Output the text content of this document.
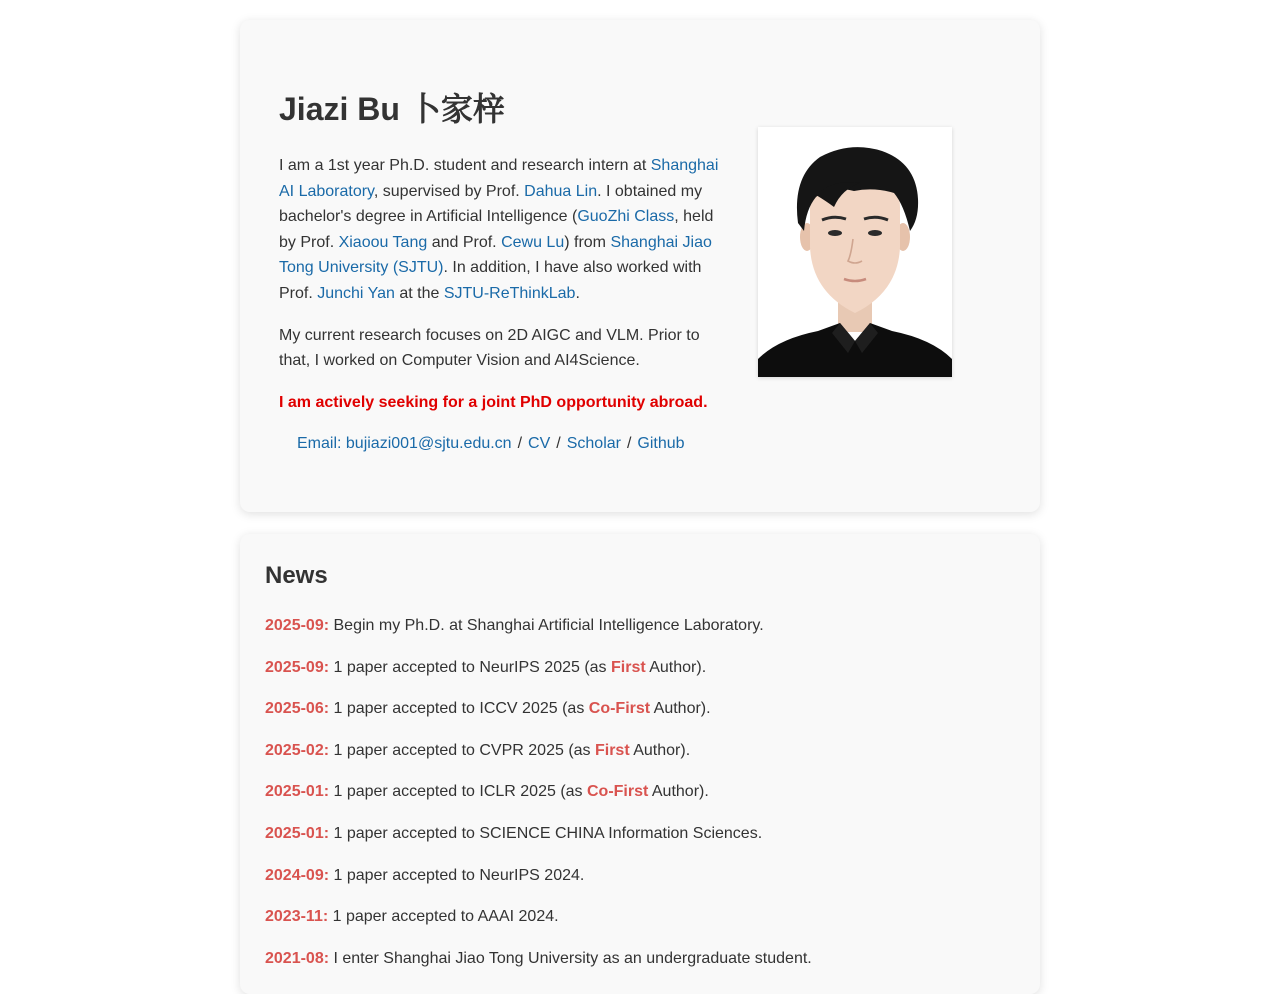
Jiazi Bu 卜家梓

I am a 1st year Ph.D. student and research intern at Shanghai AI Laboratory, supervised by Prof. Dahua Lin. I obtained my bachelor's degree in Artificial Intelligence (GuoZhi Class, held by Prof. Xiaoou Tang and Prof. Cewu Lu) from Shanghai Jiao Tong University (SJTU). In addition, I have also worked with Prof. Junchi Yan at the SJTU-ReThinkLab.

My current research focuses on 2D AIGC and VLM. Prior to that, I worked on Computer Vision and AI4Science.

I am actively seeking for a joint PhD opportunity abroad.

Email: bujiazi001@sjtu.edu.cn / CV / Scholar / Github
News
2025-09: Begin my Ph.D. at Shanghai Artificial Intelligence Laboratory.
2025-09: 1 paper accepted to NeurIPS 2025 (as First Author).
2025-06: 1 paper accepted to ICCV 2025 (as Co-First Author).
2025-02: 1 paper accepted to CVPR 2025 (as First Author).
2025-01: 1 paper accepted to ICLR 2025 (as Co-First Author).
2025-01: 1 paper accepted to SCIENCE CHINA Information Sciences.
2024-09: 1 paper accepted to NeurIPS 2024.
2023-11: 1 paper accepted to AAAI 2024.
2021-08: I enter Shanghai Jiao Tong University as an undergraduate student.
